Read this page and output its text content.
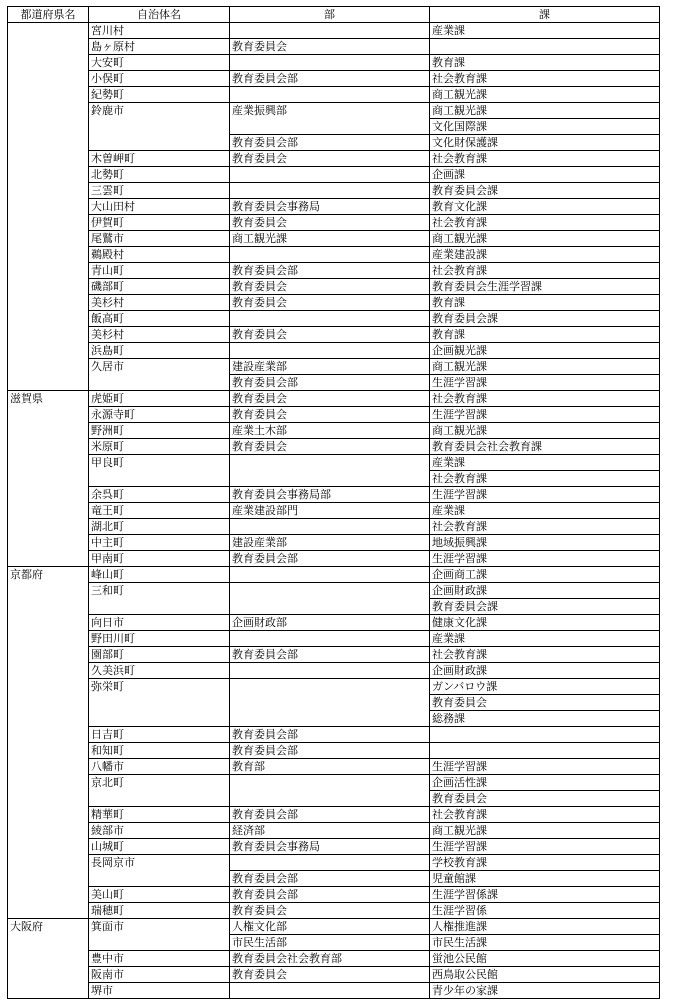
都道府県名	自治体名	部	課
	宮川村		産業課
	島ヶ原村	教育委員会	
	大安町		教育課
	小俣町	教育委員会部	社会教育課
	紀勢町		商工観光課
	鈴鹿市	産業振興部	商工観光課
			文化国際課
		教育委員会部	文化財保護課
	木曽岬町	教育委員会	社会教育課
	北勢町		企画課
	三雲町		教育委員会課
	大山田村	教育委員会事務局	教育文化課
	伊賀町	教育委員会	社会教育課
	尾鷲市	商工観光課	商工観光課
	鵜殿村		産業建設課
	青山町	教育委員会部	社会教育課
	磯部町	教育委員会	教育委員会生涯学習課
	美杉村	教育委員会	教育課
	飯高町		教育委員会課
	美杉村	教育委員会	教育課
	浜島町		企画観光課
	久居市	建設産業部	商工観光課
		教育委員会部	生涯学習課
滋賀県	虎姫町	教育委員会	社会教育課
	永源寺町	教育委員会	生涯学習課
	野洲町	産業土木部	商工観光課
	米原町	教育委員会	教育委員会社会教育課
	甲良町		産業課
			社会教育課
	余呉町	教育委員会事務局部	生涯学習課
	竜王町	産業建設部門	産業課
	湖北町		社会教育課
	中主町	建設産業部	地域振興課
	甲南町	教育委員会部	生涯学習課
京都府	峰山町		企画商工課
	三和町		企画財政課
			教育委員会課
	向日市	企画財政部	健康文化課
	野田川町		産業課
	園部町	教育委員会部	社会教育課
	久美浜町		企画財政課
	弥栄町		ガンバロウ課
			教育委員会
			総務課
	日吉町	教育委員会部	
	和知町	教育委員会部	
	八幡市	教育部	生涯学習課
	京北町		企画活性課
			教育委員会
	精華町	教育委員会部	社会教育課
	綾部市	経済部	商工観光課
	山城町	教育委員会事務局	生涯学習課
	長岡京市		学校教育課
		教育委員会部	児童館課
	美山町	教育委員会部	生涯学習係課
	瑞穂町	教育委員会	生涯学習係
大阪府	箕面市	人権文化部	人権推進課
		市民生活部	市民生活課
	豊中市	教育委員会社会教育部	蛍池公民館
	阪南市	教育委員会	西鳥取公民館
	堺市		青少年の家課
